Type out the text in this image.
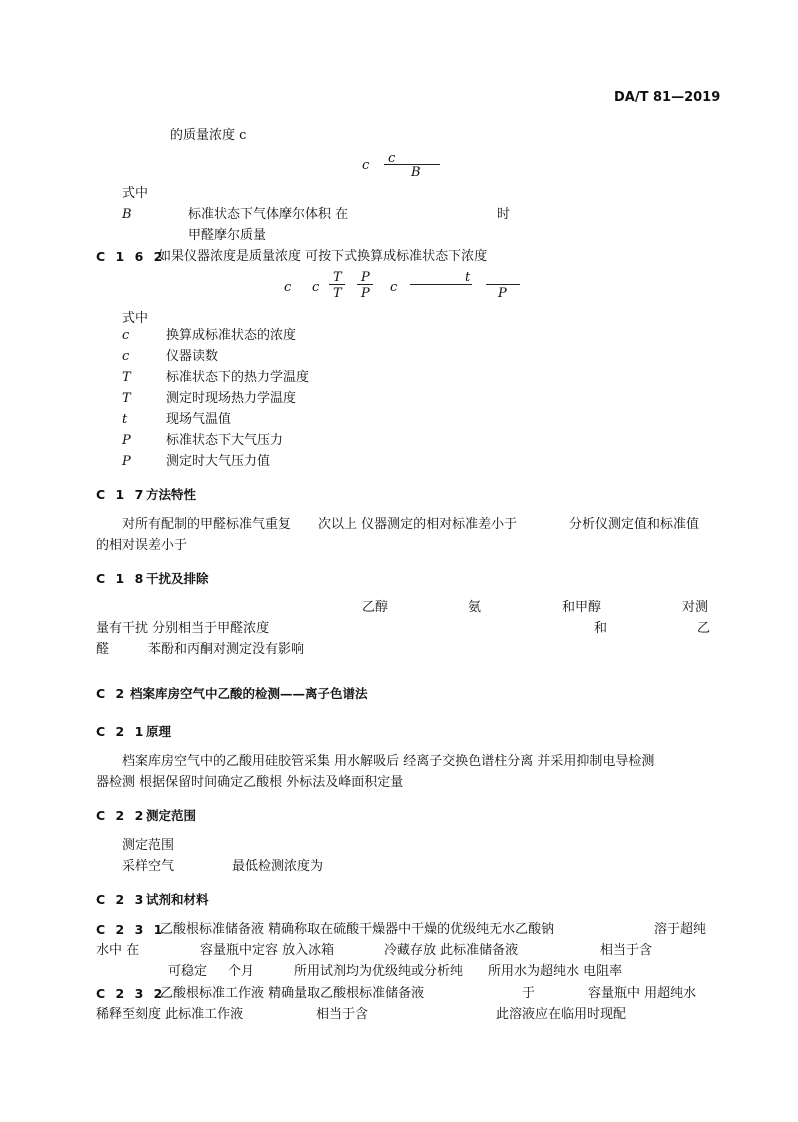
DA/T 81—2019
的质量浓度 c
c c
B
式中
B	标准状态下气体摩尔体积 在	时
甲醛摩尔质量
C 1 6 2
如果仪器浓度是质量浓度 可按下式换算成标准状态下浓度
c c
T
T
P
P c
t
P
式中
c	换算成标准状态的浓度
c	仪器读数
T	标准状态下的热力学温度
T	测定时现场热力学温度
t	现场气温值
P	标准状态下大气压力
P	测定时大气压力值
C 1 7 方法特性
对所有配制的甲醛标准气重复 次以上 仪器测定的相对标准差小于	分析仪测定值和标准值
的相对误差小于
C 1 8 干扰及排除
乙醇	氨	和甲醇	对测
量有干扰 分别相当于甲醛浓度	和	乙
醛	苯酚和丙酮对测定没有影响
C 2 档案库房空气中乙酸的检测——离子色谱法
C 2 1 原理
档案库房空气中的乙酸用硅胶管采集 用水解吸后 经离子交换色谱柱分离 并采用抑制电导检测
器检测 根据保留时间确定乙酸根 外标法及峰面积定量
C 2 2 测定范围
测定范围
采样空气	最低检测浓度为
C 2 3 试剂和材料
C 2 3 1
乙酸根标准储备液 精确称取在硫酸干燥器中干燥的优级纯无水乙酸钠	溶于超纯
水中 在	容量瓶中定容 放入冰箱	冷藏存放 此标准储备液	相当于含
可稳定 个月	所用试剂均为优级纯或分析纯 所用水为超纯水 电阻率
C 2 3 2
乙酸根标准工作液 精确量取乙酸根标准储备液	于	容量瓶中 用超纯水
稀释至刻度 此标准工作液	相当于含	此溶液应在临用时现配
